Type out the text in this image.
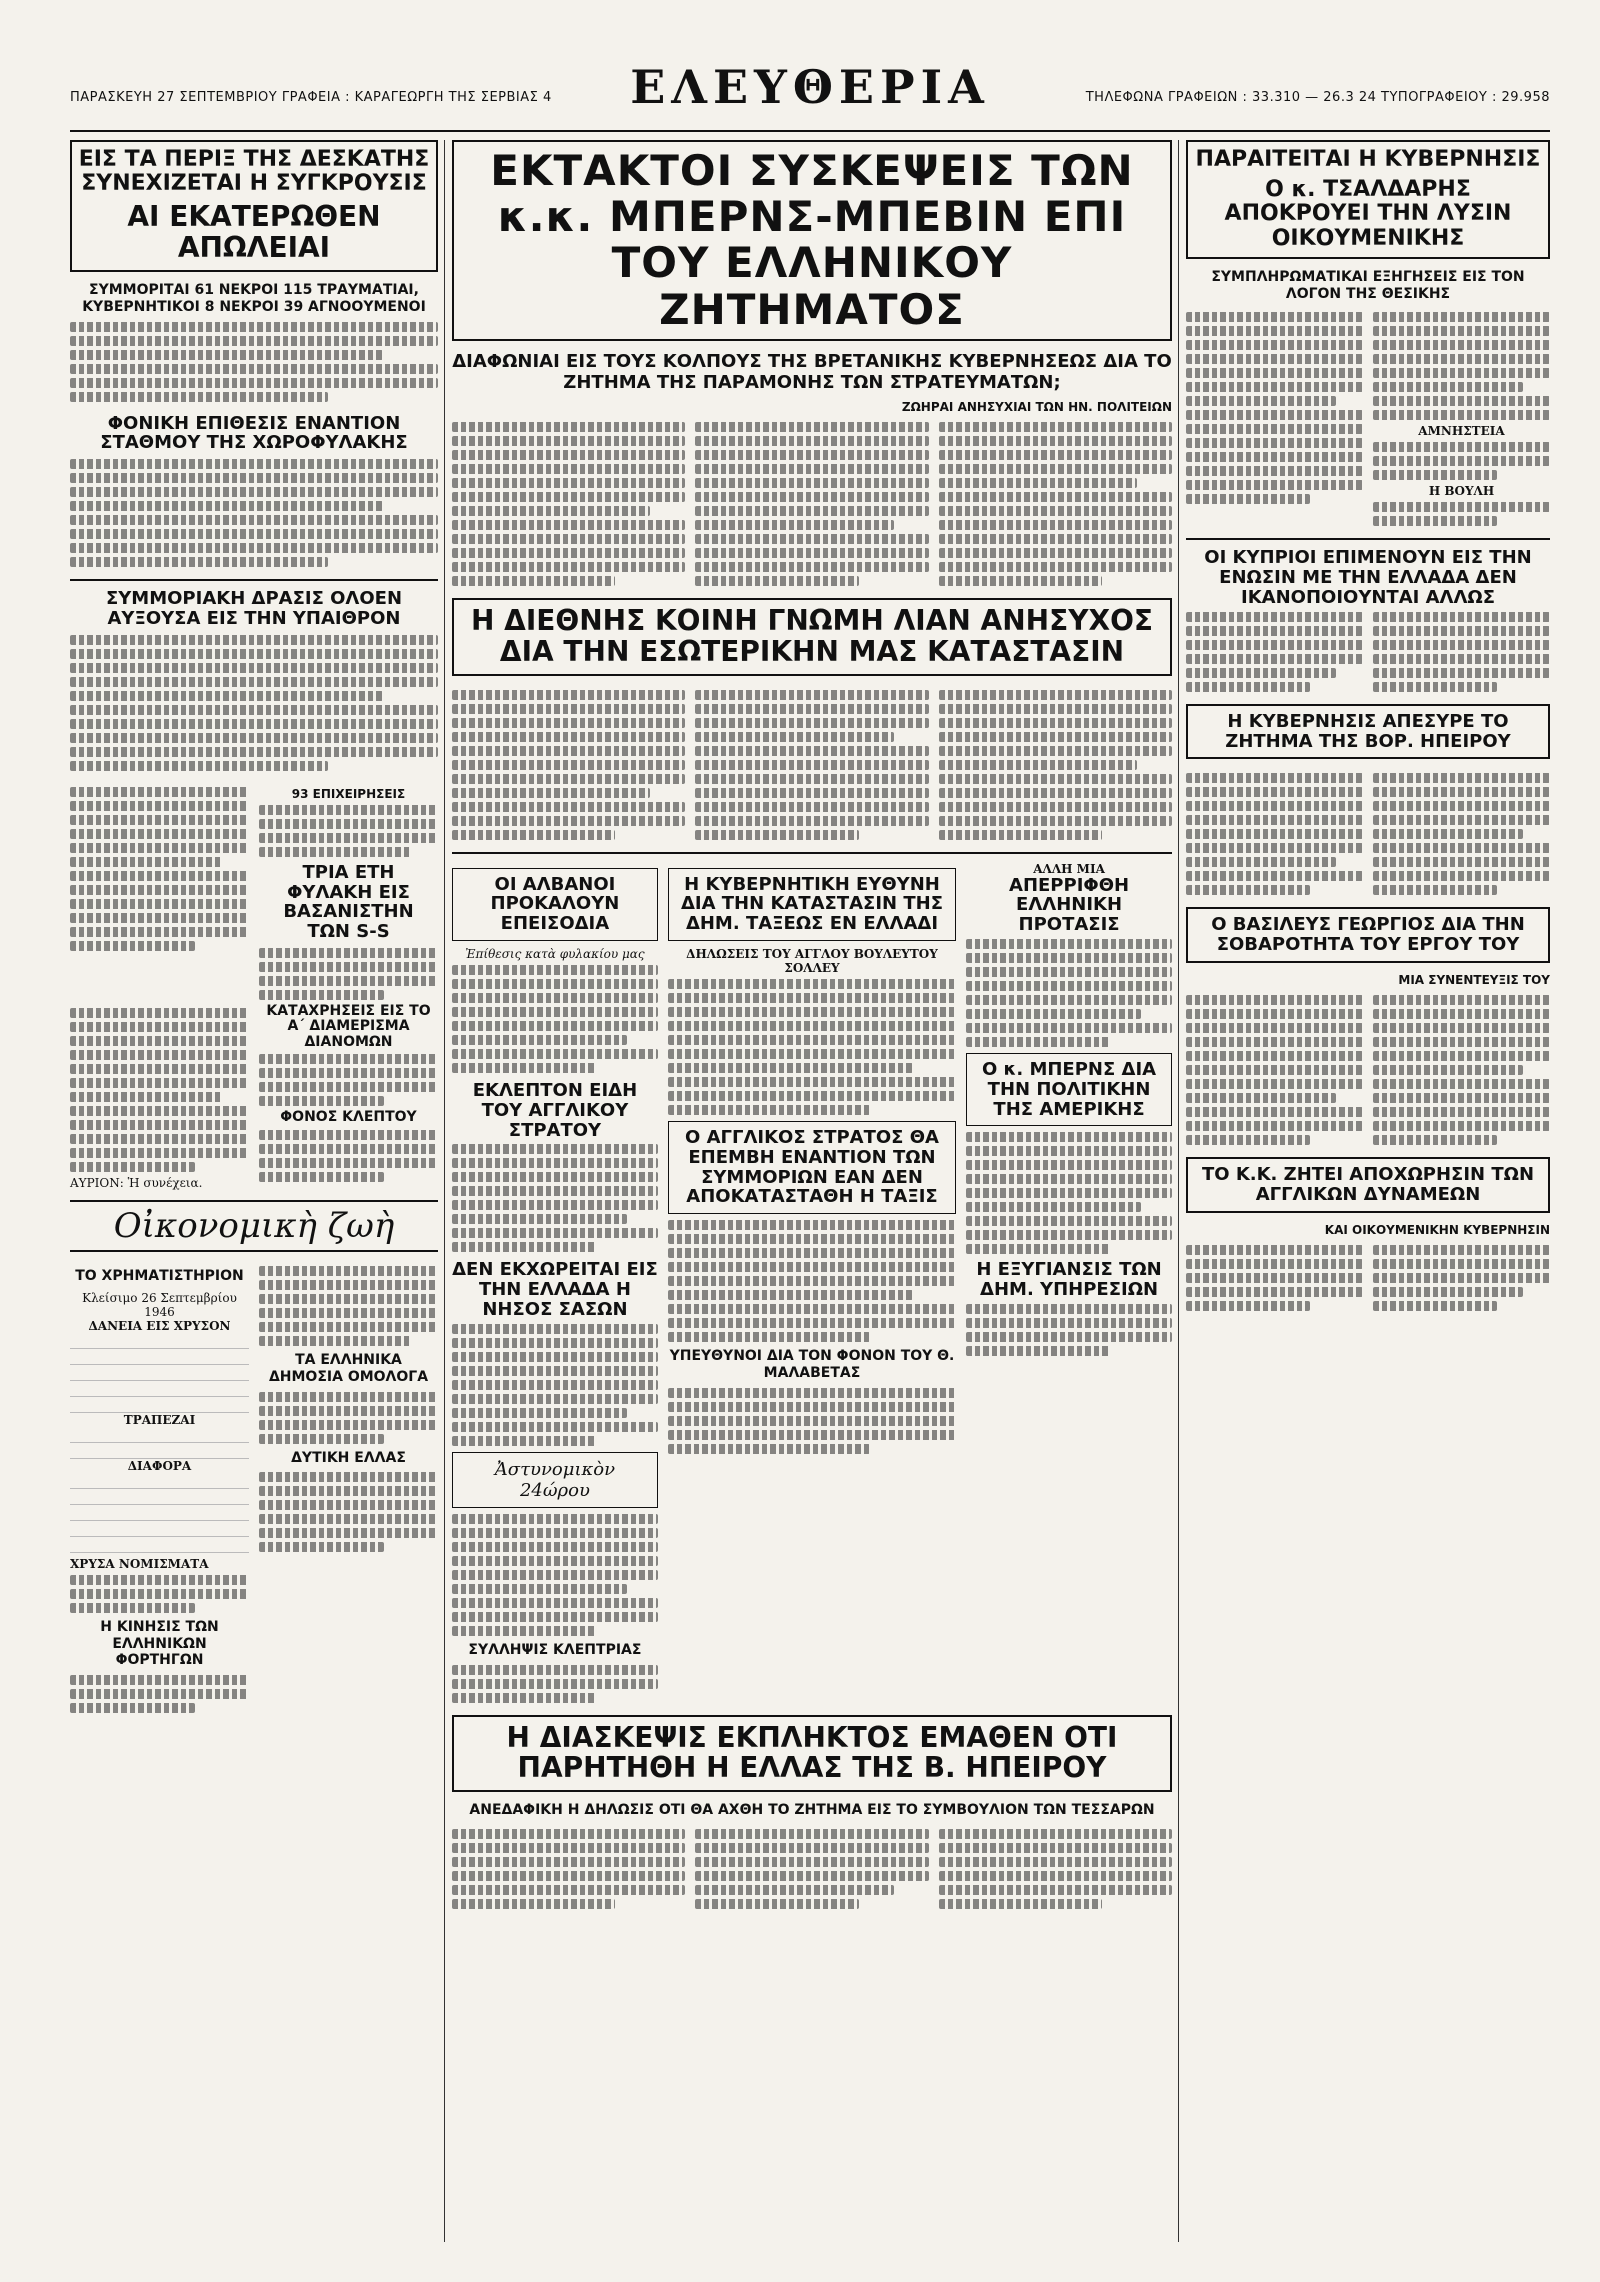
ΠΑΡΑΣΚΕΥΗ 27 ΣΕΠΤΕΜΒΡΙΟΥ ΓΡΑΦΕΙΑ : ΚΑΡΑΓΕΩΡΓΗ ΤΗΣ ΣΕΡΒΙΑΣ 4	ΕΛΕΥΘΕΡΙΑ	ΤΗΛΕΦΩΝΑ ΓΡΑΦΕΙΩΝ : 33.310 — 26.3 24 ΤΥΠΟΓΡΑΦΕΙΟΥ : 29.958
ΕΙΣ ΤΑ ΠΕΡΙΞ ΤΗΣ ΔΕΣΚΑΤΗΣ ΣΥΝΕΧΙΖΕΤΑΙ Η ΣΥΓΚΡΟΥΣΙΣ
ΑΙ ΕΚΑΤΕΡΩΘΕΝ ΑΠΩΛΕΙΑΙ
ΣΥΜΜΟΡΙΤΑΙ 61 ΝΕΚΡΟΙ 115 ΤΡΑΥΜΑΤΙΑΙ, ΚΥΒΕΡΝΗΤΙΚΟΙ 8 ΝΕΚΡΟΙ 39 ΑΓΝΟΟΥΜΕΝΟΙ
ΦΟΝΙΚΗ ΕΠΙΘΕΣΙΣ ΕΝΑΝΤΙΟΝ ΣΤΑΘΜΟΥ ΤΗΣ ΧΩΡΟΦΥΛΑΚΗΣ
ΣΥΜΜΟΡΙΑΚΗ ΔΡΑΣΙΣ ΟΛΟΕΝ ΑΥΞΟΥΣΑ ΕΙΣ ΤΗΝ ΥΠΑΙΘΡΟΝ
93 ΕΠΙΧΕΙΡΗΣΕΙΣ
ΤΡΙΑ ΕΤΗ ΦΥΛΑΚΗ ΕΙΣ ΒΑΣΑΝΙΣΤΗΝ ΤΩΝ S-S
ΑΥΡΙΟΝ: Ἡ συνέχεια.
ΚΑΤΑΧΡΗΣΕΙΣ ΕΙΣ ΤΟ Α΄ ΔΙΑΜΕΡΙΣΜΑ ΔΙΑΝΟΜΩΝ
ΦΟΝΟΣ ΚΛΕΠΤΟΥ
Οἰκονομικὴ ζωὴ
ΤΟ ΧΡΗΜΑΤΙΣΤΗΡΙΟΝ
Κλείσιμο 26 Σεπτεμβρίου 1946
ΔΑΝΕΙΑ ΕΙΣ ΧΡΥΣΟΝ

ΤΡΑΠΕΖΑΙ

ΔΙΑΦΟΡΑ

ΧΡΥΣΑ ΝΟΜΙΣΜΑΤΑ
Η ΚΙΝΗΣΙΣ ΤΩΝ ΕΛΛΗΝΙΚΩΝ ΦΟΡΤΗΓΩΝ
ΤΑ ΕΛΛΗΝΙΚΑ ΔΗΜΟΣΙΑ ΟΜΟΛΟΓΑ
ΔΥΤΙΚΗ ΕΛΛΑΣ
ΕΚΤΑΚΤΟΙ ΣΥΣΚΕΨΕΙΣ ΤΩΝ κ.κ. ΜΠΕΡΝΣ-ΜΠΕΒΙΝ ΕΠΙ ΤΟΥ ΕΛΛΗΝΙΚΟΥ ΖΗΤΗΜΑΤΟΣ
ΔΙΑΦΩΝΙΑΙ ΕΙΣ ΤΟΥΣ ΚΟΛΠΟΥΣ ΤΗΣ ΒΡΕΤΑΝΙΚΗΣ ΚΥΒΕΡΝΗΣΕΩΣ ΔΙΑ ΤΟ ΖΗΤΗΜΑ ΤΗΣ ΠΑΡΑΜΟΝΗΣ ΤΩΝ ΣΤΡΑΤΕΥΜΑΤΩΝ;
ΖΩΗΡΑΙ ΑΝΗΣΥΧΙΑΙ ΤΩΝ ΗΝ. ΠΟΛΙΤΕΙΩΝ
Η ΔΙΕΘΝΗΣ ΚΟΙΝΗ ΓΝΩΜΗ ΛΙΑΝ ΑΝΗΣΥΧΟΣ ΔΙΑ ΤΗΝ ΕΣΩΤΕΡΙΚΗΝ ΜΑΣ ΚΑΤΑΣΤΑΣΙΝ
ΟΙ ΑΛΒΑΝΟΙ ΠΡΟΚΑΛΟΥΝ ΕΠΕΙΣΟΔΙΑ
Ἐπίθεσις κατὰ φυλακίου μας
ΕΚΛΕΠΤΟΝ ΕΙΔΗ ΤΟΥ ΑΓΓΛΙΚΟΥ ΣΤΡΑΤΟΥ
ΔΕΝ ΕΚΧΩΡΕΙΤΑΙ ΕΙΣ ΤΗΝ ΕΛΛΑΔΑ Η ΝΗΣΟΣ ΣΑΣΩΝ
Ἀστυνομικὸν 24ώρου
ΣΥΛΛΗΨΙΣ ΚΛΕΠΤΡΙΑΣ
Η ΚΥΒΕΡΝΗΤΙΚΗ ΕΥΘΥΝΗ ΔΙΑ ΤΗΝ ΚΑΤΑΣΤΑΣΙΝ ΤΗΣ ΔΗΜ. ΤΑΞΕΩΣ ΕΝ ΕΛΛΑΔΙ
ΔΗΛΩΣΕΙΣ ΤΟΥ ΑΓΓΛΟΥ ΒΟΥΛΕΥΤΟΥ ΣΟΛΛΕΥ
Ο ΑΓΓΛΙΚΟΣ ΣΤΡΑΤΟΣ ΘΑ ΕΠΕΜΒΗ ΕΝΑΝΤΙΟΝ ΤΩΝ ΣΥΜΜΟΡΙΩΝ ΕΑΝ ΔΕΝ ΑΠΟΚΑΤΑΣΤΑΘΗ Η ΤΑΞΙΣ
ΥΠΕΥΘΥΝΟΙ ΔΙΑ ΤΟΝ ΦΟΝΟΝ ΤΟΥ Θ. ΜΑΛΑΒΕΤΑΣ
ΑΛΛΗ ΜΙΑ
ΑΠΕΡΡΙΦΘΗ ΕΛΛΗΝΙΚΗ ΠΡΟΤΑΣΙΣ
Ο κ. ΜΠΕΡΝΣ ΔΙΑ ΤΗΝ ΠΟΛΙΤΙΚΗΝ ΤΗΣ ΑΜΕΡΙΚΗΣ
Η ΕΞΥΓΙΑΝΣΙΣ ΤΩΝ ΔΗΜ. ΥΠΗΡΕΣΙΩΝ
Η ΔΙΑΣΚΕΨΙΣ ΕΚΠΛΗΚΤΟΣ ΕΜΑΘΕΝ ΟΤΙ ΠΑΡΗΤΗΘΗ Η ΕΛΛΑΣ ΤΗΣ Β. ΗΠΕΙΡΟΥ
ΑΝΕΔΑΦΙΚΗ Η ΔΗΛΩΣΙΣ ΟΤΙ ΘΑ ΑΧΘΗ ΤΟ ΖΗΤΗΜΑ ΕΙΣ ΤΟ ΣΥΜΒΟΥΛΙΟΝ ΤΩΝ ΤΕΣΣΑΡΩΝ
ΠΑΡΑΙΤΕΙΤΑΙ Η ΚΥΒΕΡΝΗΣΙΣ
Ο κ. ΤΣΑΛΔΑΡΗΣ ΑΠΟΚΡΟΥΕΙ ΤΗΝ ΛΥΣΙΝ ΟΙΚΟΥΜΕΝΙΚΗΣ
ΣΥΜΠΛΗΡΩΜΑΤΙΚΑΙ ΕΞΗΓΗΣΕΙΣ ΕΙΣ ΤΟΝ ΛΟΓΟΝ ΤΗΣ ΘΕΣΙΚΗΣ
ΑΜΝΗΣΤΕΙΑ
Η ΒΟΥΛΗ
ΟΙ ΚΥΠΡΙΟΙ ΕΠΙΜΕΝΟΥΝ ΕΙΣ ΤΗΝ ΕΝΩΣΙΝ ΜΕ ΤΗΝ ΕΛΛΑΔΑ ΔΕΝ ΙΚΑΝΟΠΟΙΟΥΝΤΑΙ ΑΛΛΩΣ
Η ΚΥΒΕΡΝΗΣΙΣ ΑΠΕΣΥΡΕ ΤΟ ΖΗΤΗΜΑ ΤΗΣ ΒΟΡ. ΗΠΕΙΡΟΥ
Ο ΒΑΣΙΛΕΥΣ ΓΕΩΡΓΙΟΣ ΔΙΑ ΤΗΝ ΣΟΒΑΡΟΤΗΤΑ ΤΟΥ ΕΡΓΟΥ ΤΟΥ
ΜΙΑ ΣΥΝΕΝΤΕΥΞΙΣ ΤΟΥ
ΤΟ Κ.Κ. ΖΗΤΕΙ ΑΠΟΧΩΡΗΣΙΝ ΤΩΝ ΑΓΓΛΙΚΩΝ ΔΥΝΑΜΕΩΝ
ΚΑΙ ΟΙΚΟΥΜΕΝΙΚΗΝ ΚΥΒΕΡΝΗΣΙΝ
